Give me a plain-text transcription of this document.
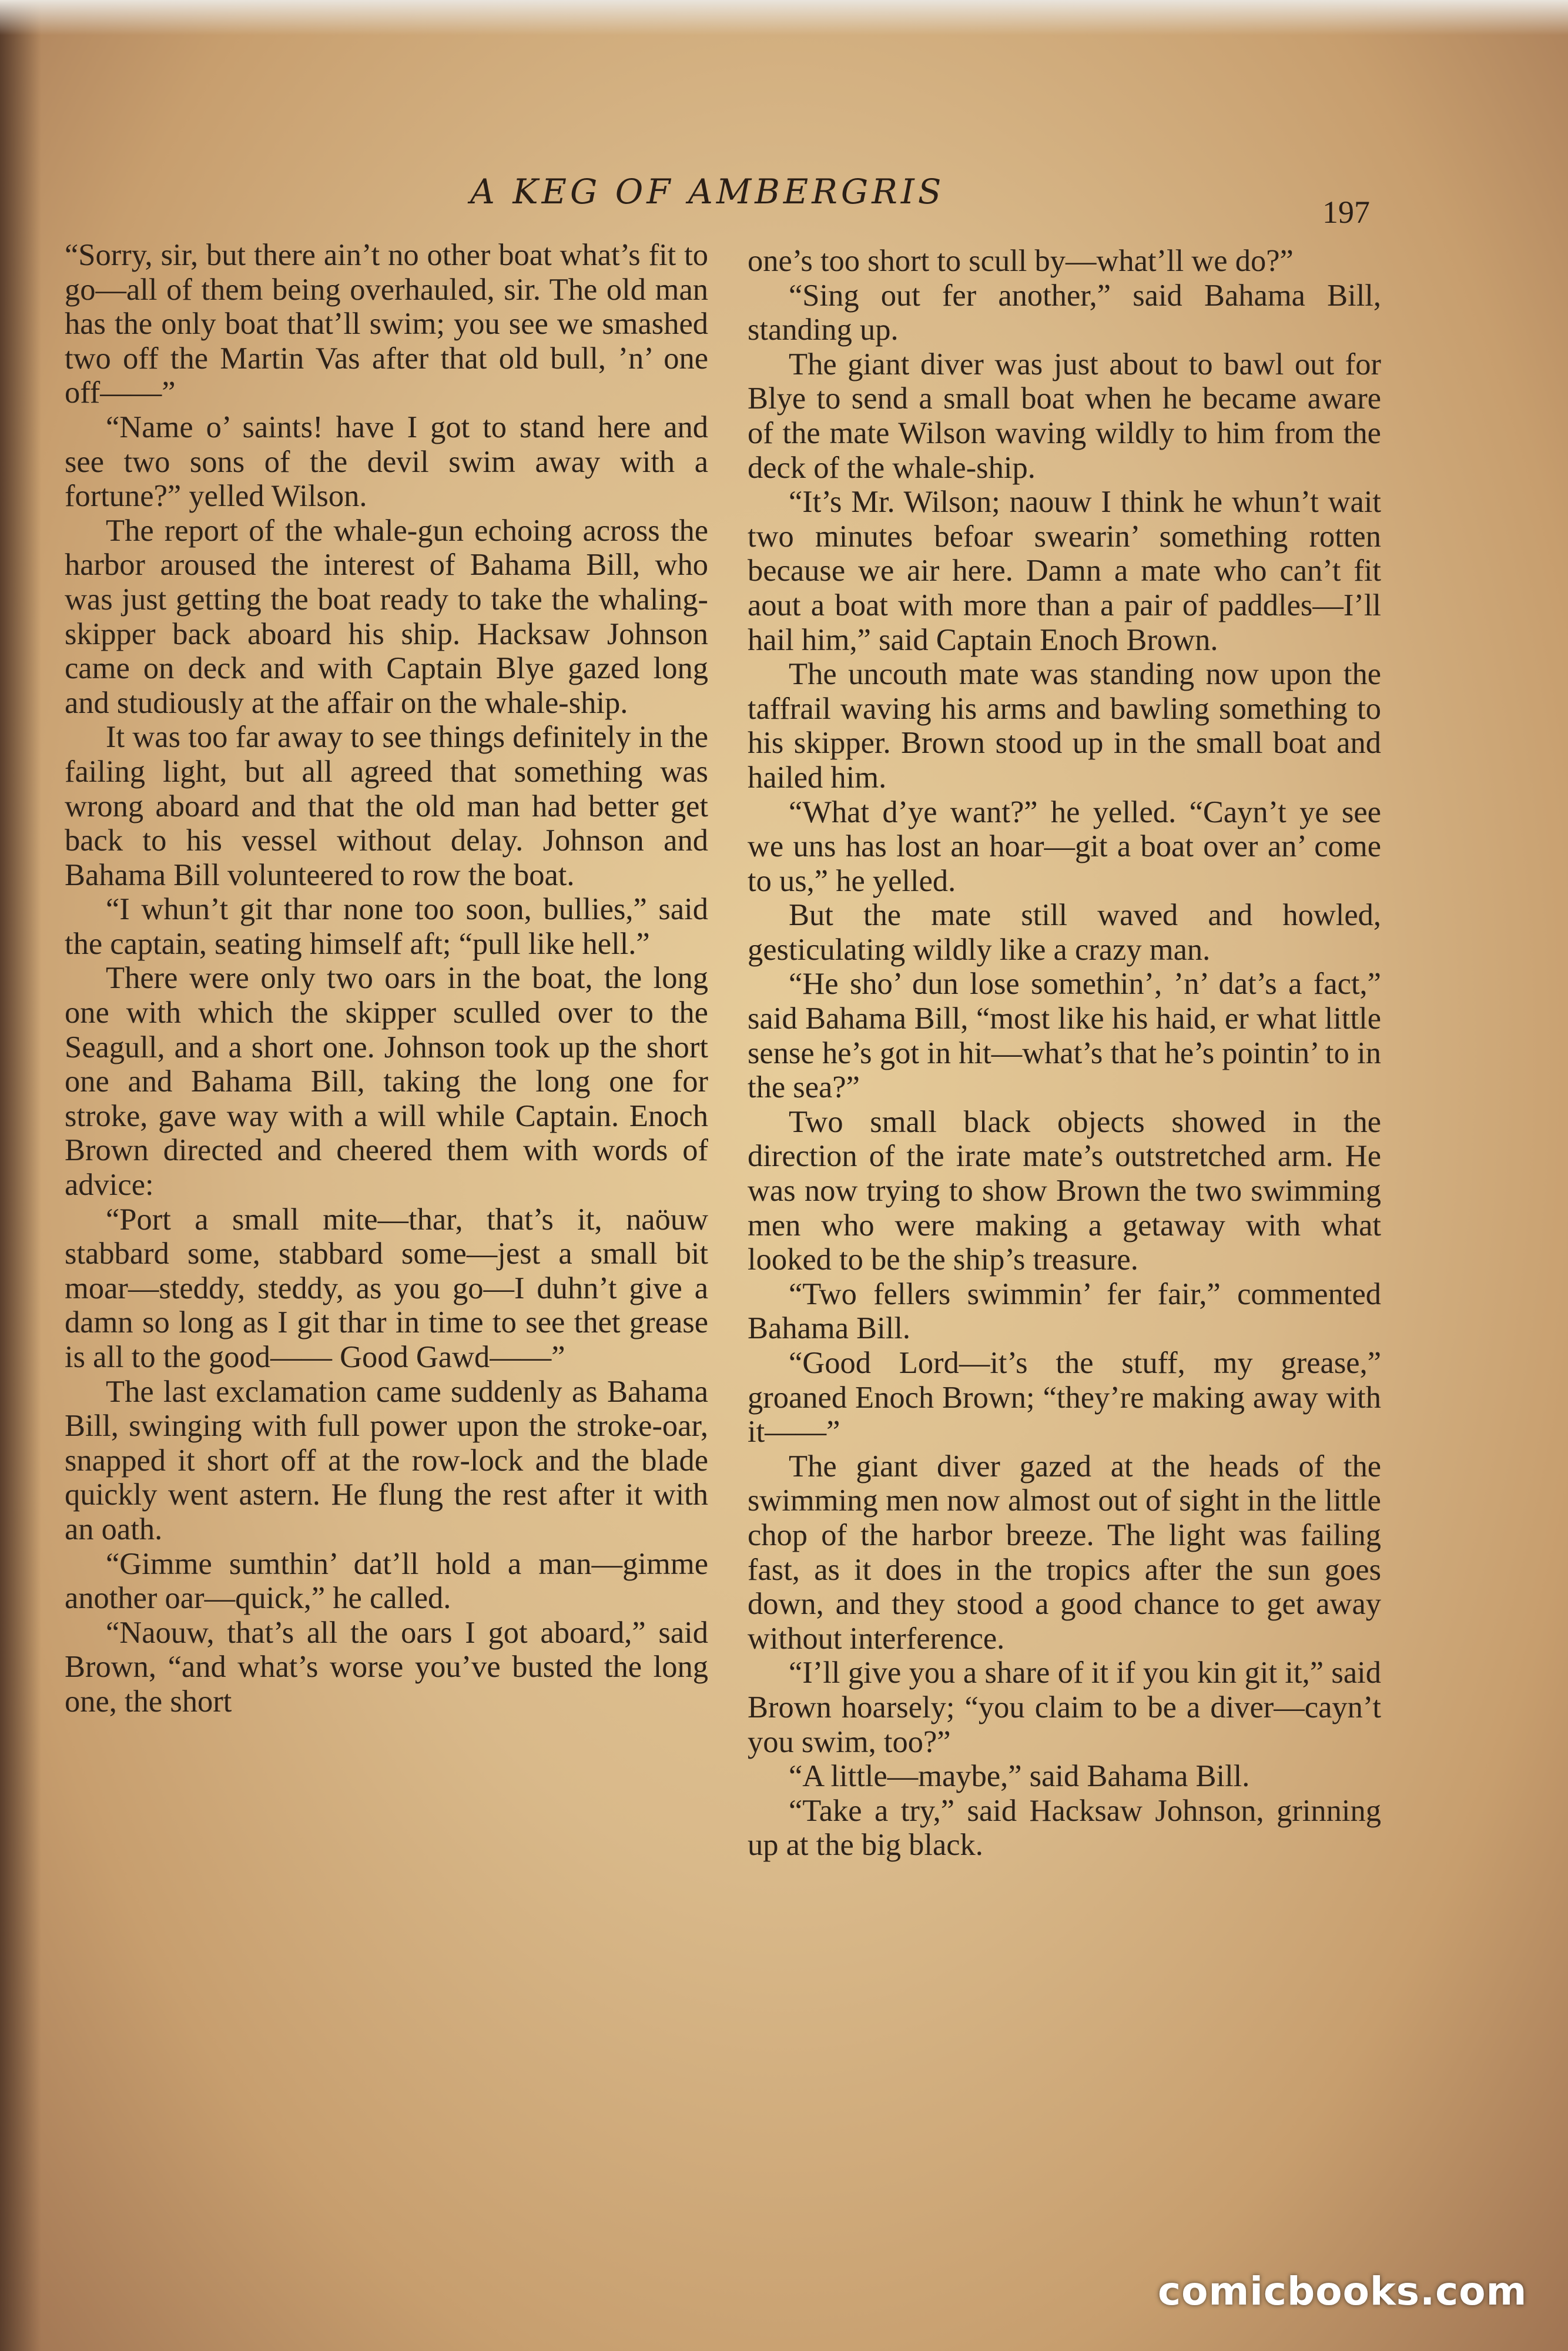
A KEG OF AMBERGRIS
197

“Sorry, sir, but there ain’t no other boat what’s fit to go—all of them being overhauled, sir. The old man has the only boat that’ll swim; you see we smashed two off the Martin Vas after that old bull, ’n’ one off——”

“Name o’ saints! have I got to stand here and see two sons of the devil swim away with a fortune?” yelled Wilson.

The report of the whale-gun echoing across the harbor aroused the interest of Bahama Bill, who was just getting the boat ready to take the whaling-skipper back aboard his ship. Hacksaw Johnson came on deck and with Captain Blye gazed long and studiously at the affair on the whale-ship.

It was too far away to see things definitely in the failing light, but all agreed that something was wrong aboard and that the old man had better get back to his vessel without delay. Johnson and Bahama Bill volunteered to row the boat.

“I whun’t git thar none too soon, bullies,” said the captain, seating himself aft; “pull like hell.”

There were only two oars in the boat, the long one with which the skipper sculled over to the Seagull, and a short one. Johnson took up the short one and Bahama Bill, taking the long one for stroke, gave way with a will while Captain. Enoch Brown directed and cheered them with words of advice:

“Port a small mite—thar, that’s it, naöuw stabbard some, stabbard some—jest a small bit moar—steddy, steddy, as you go—I duhn’t give a damn so long as I git thar in time to see thet grease is all to the good—— Good Gawd——”

The last exclamation came suddenly as Bahama Bill, swinging with full power upon the stroke-oar, snapped it short off at the row-lock and the blade quickly went astern. He flung the rest after it with an oath.

“Gimme sumthin’ dat’ll hold a man—gimme another oar—quick,” he called.

“Naouw, that’s all the oars I got aboard,” said Brown, “and what’s worse you’ve busted the long one, the short

one’s too short to scull by—what’ll we do?”

“Sing out fer another,” said Bahama Bill, standing up.

The giant diver was just about to bawl out for Blye to send a small boat when he became aware of the mate Wilson waving wildly to him from the deck of the whale-ship.

“It’s Mr. Wilson; naouw I think he whun’t wait two minutes befoar swearin’ something rotten because we air here. Damn a mate who can’t fit aout a boat with more than a pair of paddles—I’ll hail him,” said Captain Enoch Brown.

The uncouth mate was standing now upon the taffrail waving his arms and bawling something to his skipper. Brown stood up in the small boat and hailed him.

“What d’ye want?” he yelled. “Cayn’t ye see we uns has lost an hoar—git a boat over an’ come to us,” he yelled.

But the mate still waved and howled, gesticulating wildly like a crazy man.

“He sho’ dun lose somethin’, ’n’ dat’s a fact,” said Bahama Bill, “most like his haid, er what little sense he’s got in hit—what’s that he’s pointin’ to in the sea?”

Two small black objects showed in the direction of the irate mate’s outstretched arm. He was now trying to show Brown the two swimming men who were making a getaway with what looked to be the ship’s treasure.

“Two fellers swimmin’ fer fair,” commented Bahama Bill.

“Good Lord—it’s the stuff, my grease,” groaned Enoch Brown; “they’re making away with it——”

The giant diver gazed at the heads of the swimming men now almost out of sight in the little chop of the harbor breeze. The light was failing fast, as it does in the tropics after the sun goes down, and they stood a good chance to get away without interference.

“I’ll give you a share of it if you kin git it,” said Brown hoarsely; “you claim to be a diver—cayn’t you swim, too?”

“A little—maybe,” said Bahama Bill.

“Take a try,” said Hacksaw Johnson, grinning up at the big black.

comicbooks.com
